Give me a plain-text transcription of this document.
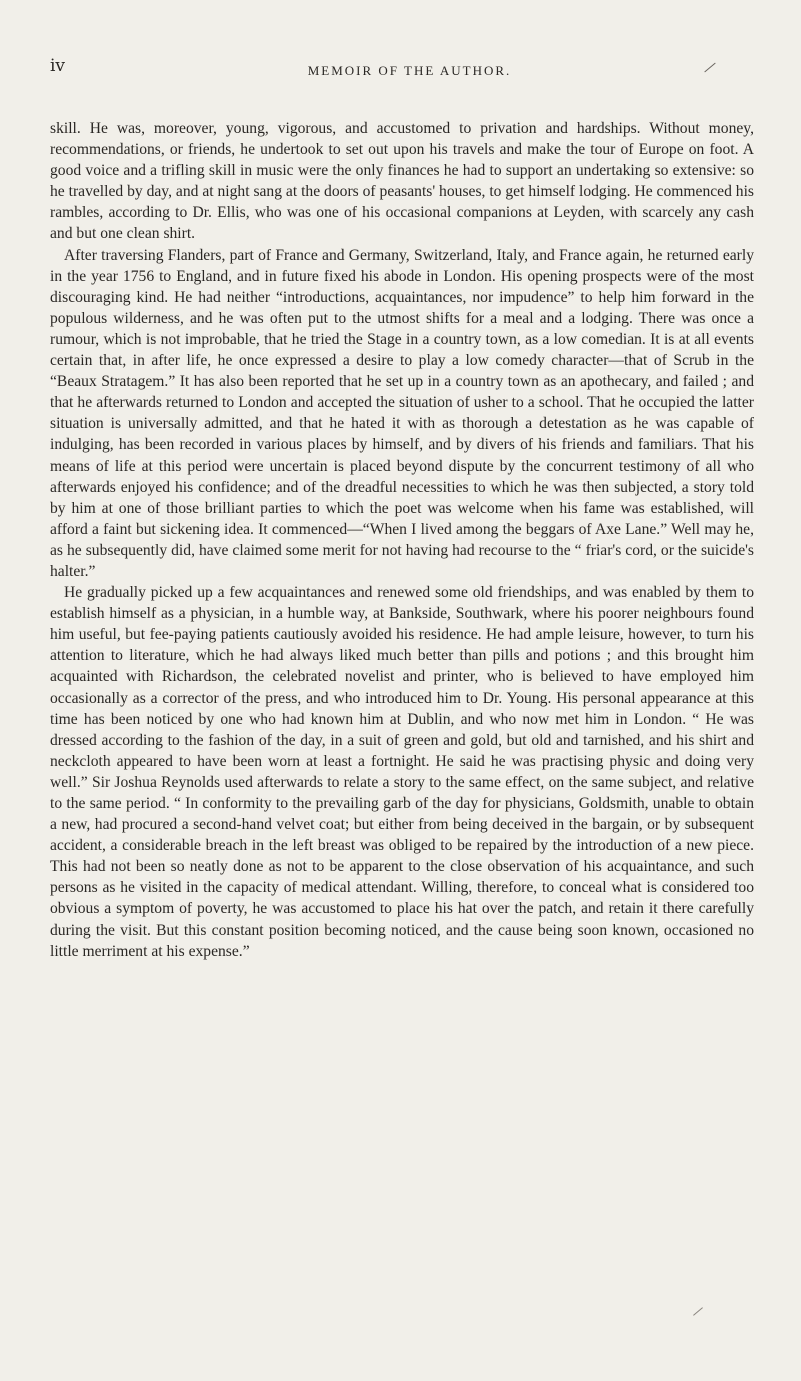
iv	MEMOIR OF THE AUTHOR.

skill. He was, moreover, young, vigorous, and accustomed to privation and hardships. Without money, recommendations, or friends, he undertook to set out upon his travels and make the tour of Europe on foot. A good voice and a trifling skill in music were the only finances he had to support an undertaking so extensive: so he travelled by day, and at night sang at the doors of peasants' houses, to get himself lodging. He commenced his rambles, according to Dr. Ellis, who was one of his occasional companions at Leyden, with scarcely any cash and but one clean shirt.

After traversing Flanders, part of France and Germany, Switzerland, Italy, and France again, he returned early in the year 1756 to England, and in future fixed his abode in London. His opening prospects were of the most discouraging kind. He had neither “introductions, acquaintances, nor impudence” to help him forward in the populous wilderness, and he was often put to the utmost shifts for a meal and a lodging. There was once a rumour, which is not improbable, that he tried the Stage in a country town, as a low comedian. It is at all events certain that, in after life, he once expressed a desire to play a low comedy character—that of Scrub in the “Beaux Stratagem.” It has also been reported that he set up in a country town as an apothecary, and failed ; and that he afterwards returned to London and accepted the situation of usher to a school. That he occupied the latter situation is universally admitted, and that he hated it with as thorough a detestation as he was capable of indulging, has been recorded in various places by himself, and by divers of his friends and familiars. That his means of life at this period were uncertain is placed beyond dispute by the concurrent testimony of all who afterwards enjoyed his confidence; and of the dreadful necessities to which he was then subjected, a story told by him at one of those brilliant parties to which the poet was welcome when his fame was established, will afford a faint but sickening idea. It commenced—“When I lived among the beggars of Axe Lane.” Well may he, as he subsequently did, have claimed some merit for not having had recourse to the “ friar's cord, or the suicide's halter.”

He gradually picked up a few acquaintances and renewed some old friendships, and was enabled by them to establish himself as a physician, in a humble way, at Bankside, Southwark, where his poorer neighbours found him useful, but fee-paying patients cautiously avoided his residence. He had ample leisure, however, to turn his attention to literature, which he had always liked much better than pills and potions ; and this brought him acquainted with Richardson, the celebrated novelist and printer, who is believed to have employed him occasionally as a corrector of the press, and who introduced him to Dr. Young. His personal appearance at this time has been noticed by one who had known him at Dublin, and who now met him in London. “ He was dressed according to the fashion of the day, in a suit of green and gold, but old and tarnished, and his shirt and neckcloth appeared to have been worn at least a fortnight. He said he was practising physic and doing very well.” Sir Joshua Reynolds used afterwards to relate a story to the same effect, on the same subject, and relative to the same period. “ In conformity to the prevailing garb of the day for physicians, Goldsmith, unable to obtain a new, had procured a second-hand velvet coat; but either from being deceived in the bargain, or by subsequent accident, a considerable breach in the left breast was obliged to be repaired by the introduction of a new piece. This had not been so neatly done as not to be apparent to the close observation of his acquaintance, and such persons as he visited in the capacity of medical attendant. Willing, therefore, to conceal what is considered too obvious a symptom of poverty, he was accustomed to place his hat over the patch, and retain it there carefully during the visit. But this constant position becoming noticed, and the cause being soon known, occasioned no little merriment at his expense.”
